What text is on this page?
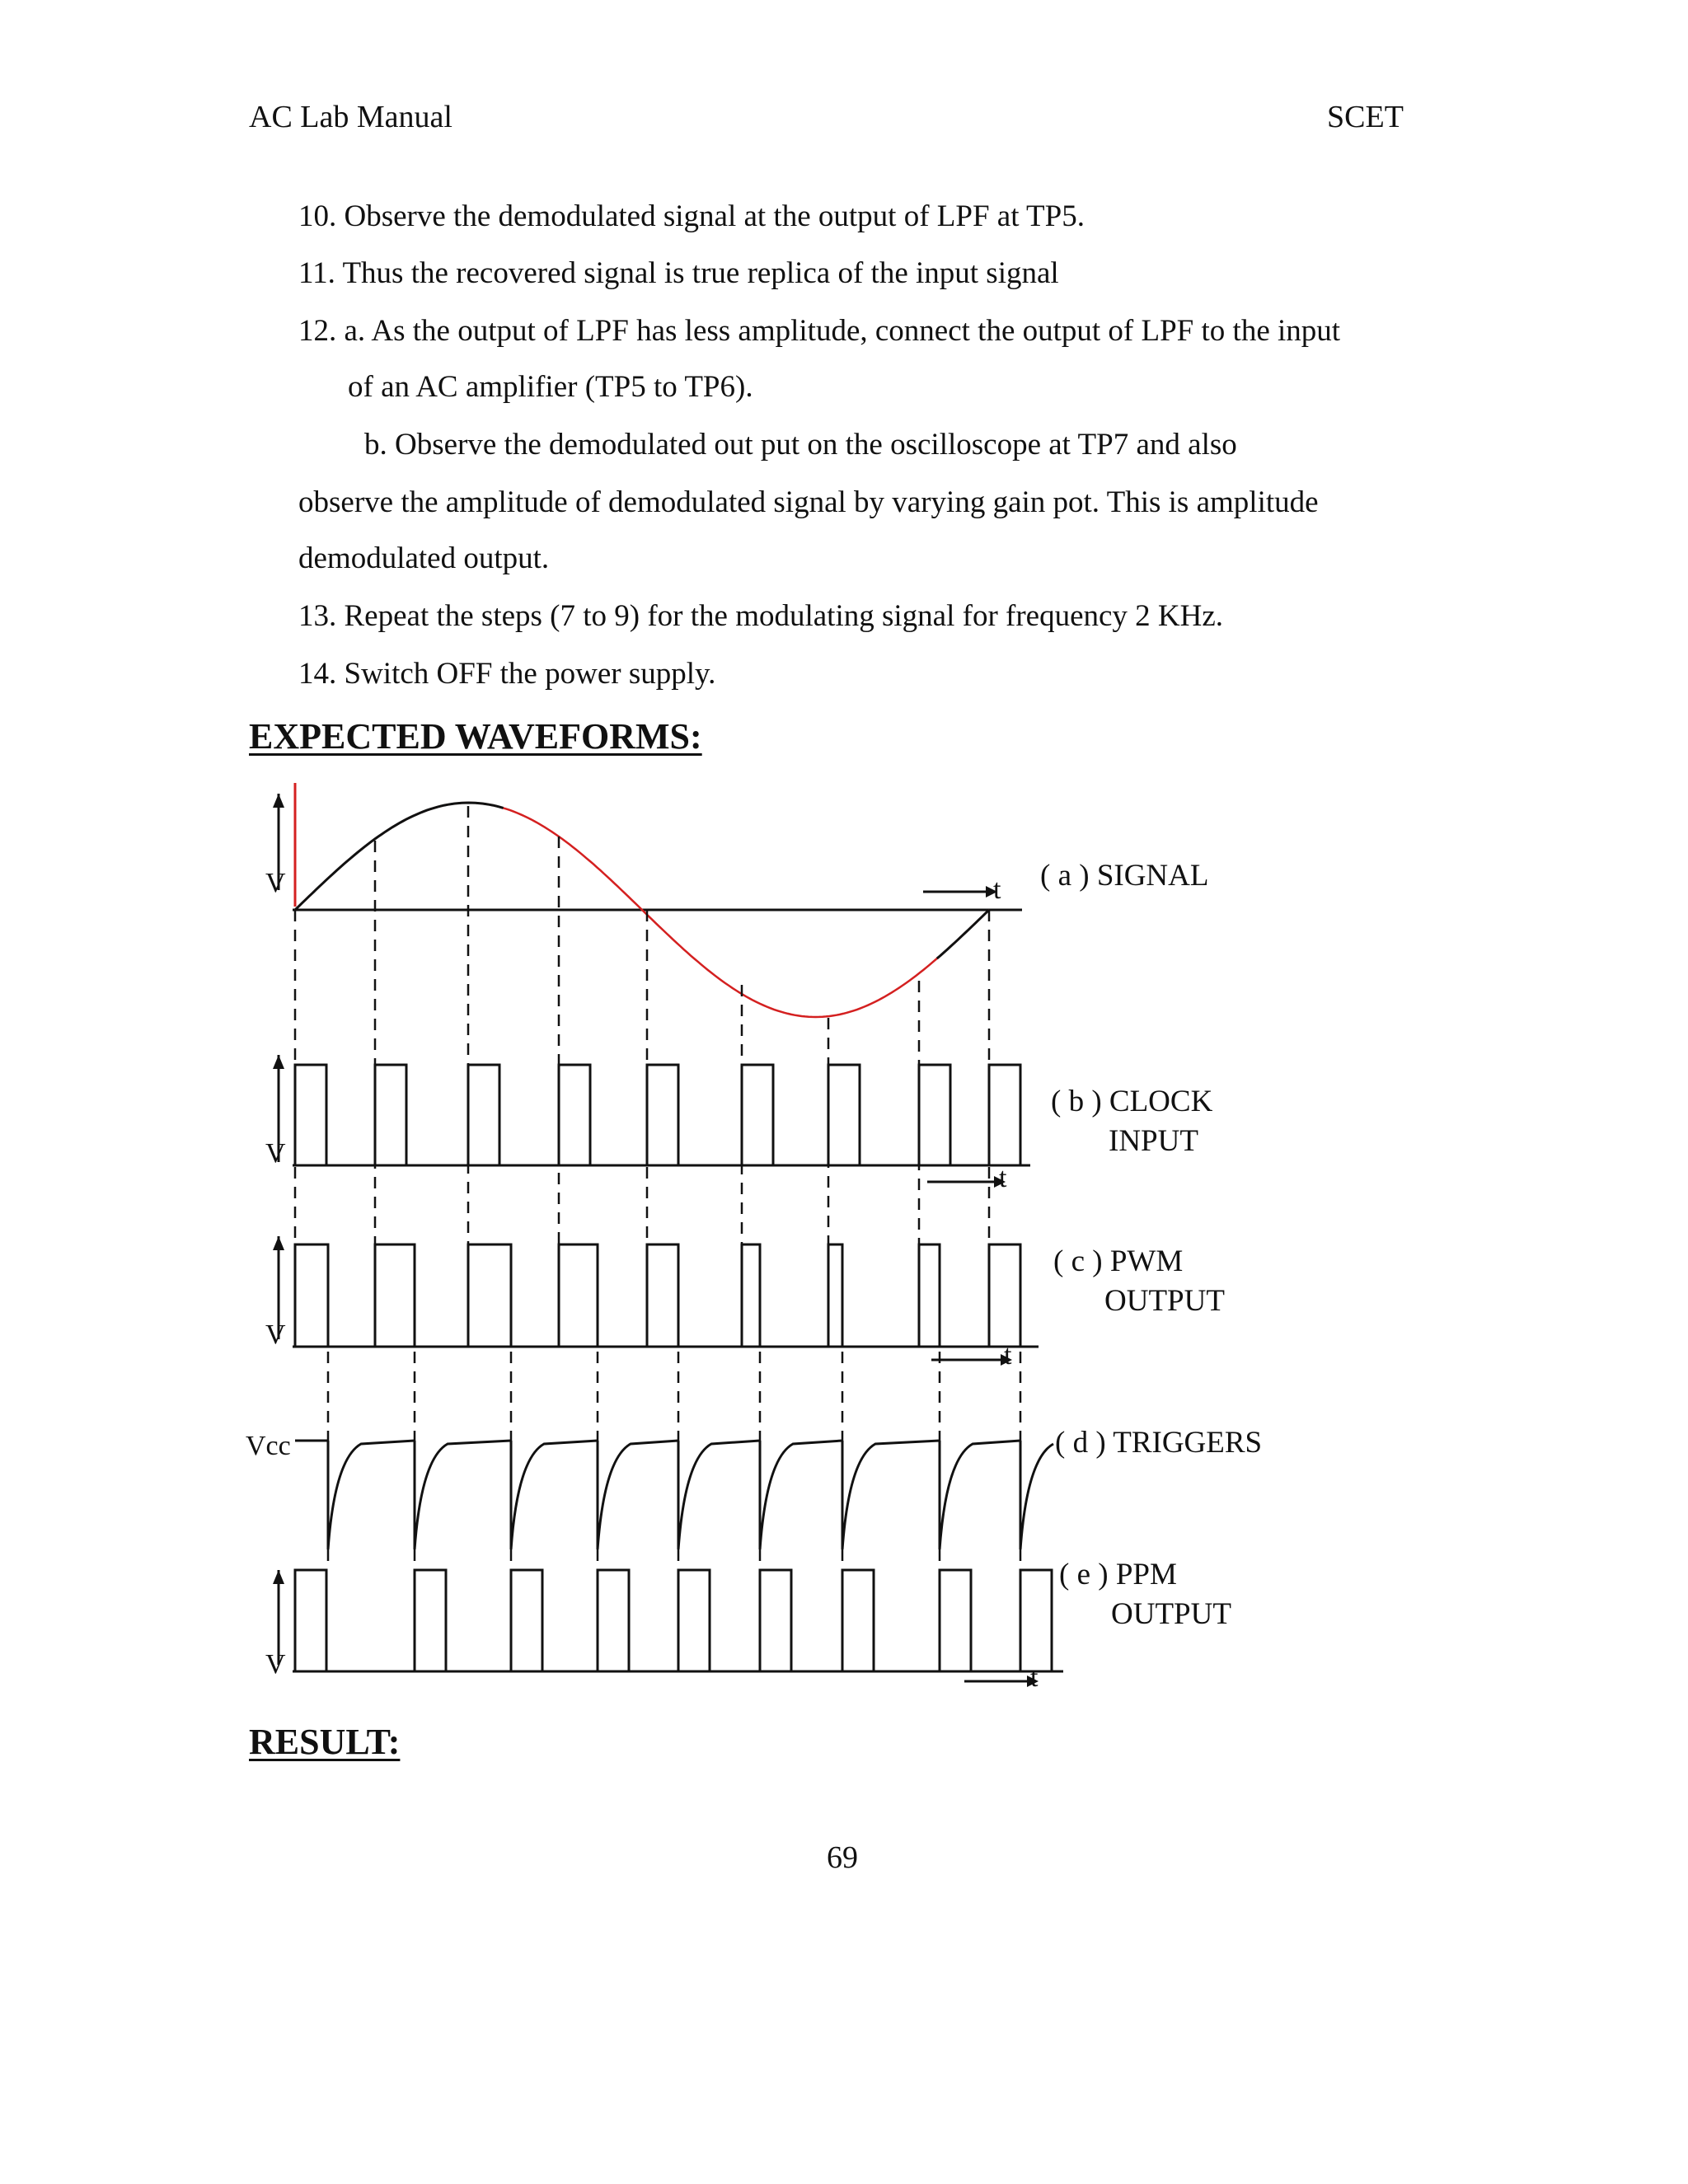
AC Lab Manual	SCET
10. Observe the demodulated signal at the output of LPF at TP5.
11. Thus the recovered signal is true replica of the input signal
12. a. As the output of LPF has less amplitude, connect the output of LPF to the input
of an AC amplifier (TP5 to TP6).
b. Observe the demodulated out put on the oscilloscope at TP7 and also
observe the amplitude of demodulated signal by varying gain pot. This is amplitude
demodulated output.
13. Repeat the steps (7 to 9) for the modulating signal for frequency 2 KHz.
14. Switch OFF the power supply.
EXPECTED WAVEFORMS:
V	t
V
t
V
t
Vcc
V	t
( a ) SIGNAL
( b ) CLOCK
INPUT
( c ) PWM
OUTPUT
( d ) TRIGGERS
( e ) PPM
OUTPUT
RESULT:
69
